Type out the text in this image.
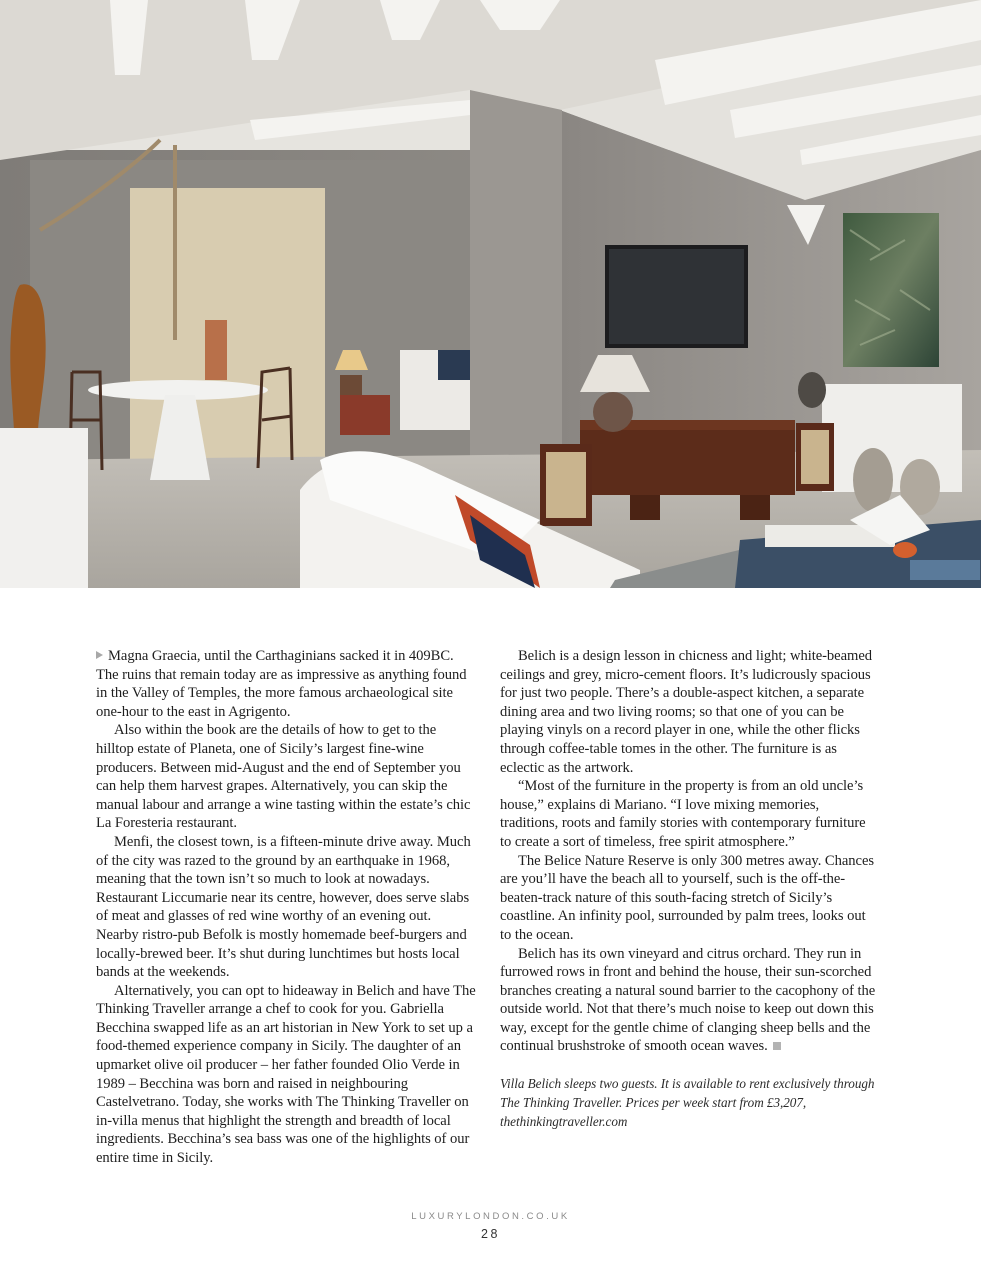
Magna Graecia, until the Carthaginians sacked it in 409BC. The ruins that remain today are as impressive as anything found in the Valley of Temples, the more famous archaeological site one-hour to the east in Agrigento.

Also within the book are the details of how to get to the hilltop estate of Planeta, one of Sicily’s largest fine-wine producers. Between mid-August and the end of September you can help them harvest grapes. Alternatively, you can skip the manual labour and arrange a wine tasting within the estate’s chic La Foresteria restaurant.

Menfi, the closest town, is a fifteen-minute drive away. Much of the city was razed to the ground by an earthquake in 1968, meaning that the town isn’t so much to look at nowadays. Restaurant Liccumarie near its centre, however, does serve slabs of meat and glasses of red wine worthy of an evening out. Nearby ristro-pub Befolk is mostly homemade beef-burgers and locally-brewed beer. It’s shut during lunchtimes but hosts local bands at the weekends.

Alternatively, you can opt to hideaway in Belich and have The Thinking Traveller arrange a chef to cook for you. Gabriella Becchina swapped life as an art historian in New York to set up a food-themed experience company in Sicily. The daughter of an upmarket olive oil producer – her father founded Olio Verde in 1989 – Becchina was born and raised in neighbouring Castelvetrano. Today, she works with The Thinking Traveller on in-villa menus that highlight the strength and breadth of local ingredients. Becchina’s sea bass was one of the highlights of our entire time in Sicily.

Belich is a design lesson in chicness and light; white-beamed ceilings and grey, micro-cement floors. It’s ludicrously spacious for just two people. There’s a double-aspect kitchen, a separate dining area and two living rooms; so that one of you can be playing vinyls on a record player in one, while the other flicks through coffee-table tomes in the other. The furniture is as eclectic as the artwork.

“Most of the furniture in the property is from an old uncle’s house,” explains di Mariano. “I love mixing memories, traditions, roots and family stories with contemporary furniture to create a sort of timeless, free spirit atmosphere.”

The Belice Nature Reserve is only 300 metres away. Chances are you’ll have the beach all to yourself, such is the off-the-beaten-track nature of this south-facing stretch of Sicily’s coastline. An infinity pool, surrounded by palm trees, looks out to the ocean.

Belich has its own vineyard and citrus orchard. They run in furrowed rows in front and behind the house, their sun-scorched branches creating a natural sound barrier to the cacophony of the outside world. Not that there’s much noise to keep out down this way, except for the gentle chime of clanging sheep bells and the continual brushstroke of smooth ocean waves.

Villa Belich sleeps two guests. It is available to rent exclusively through The Thinking Traveller. Prices per week start from £3,207, thethinkingtraveller.com

LUXURYLONDON.CO.UK
28
